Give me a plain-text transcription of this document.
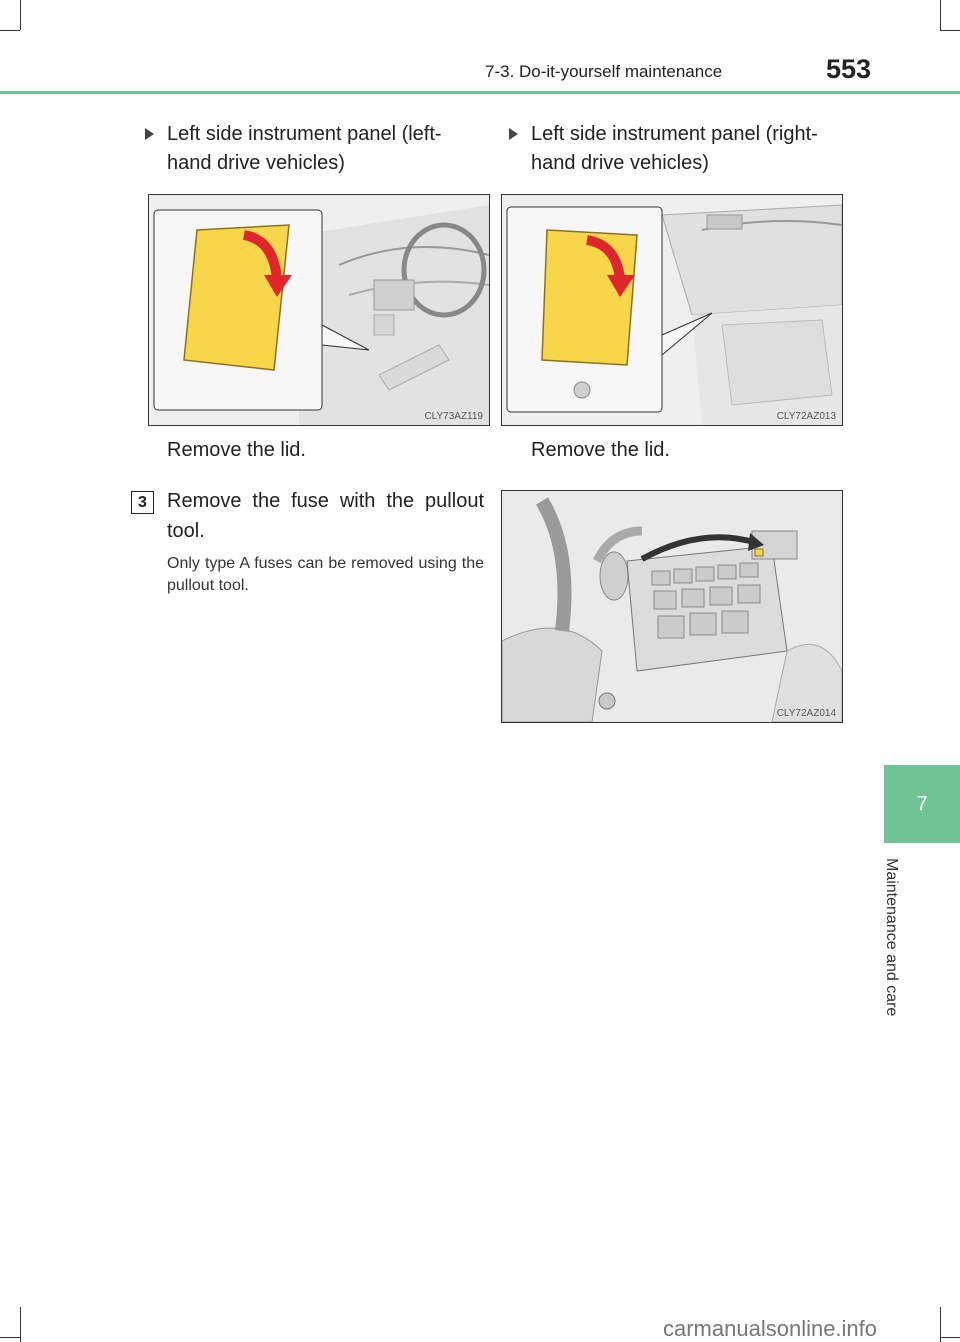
7-3. Do-it-yourself maintenance	553
7
Maintenance and care
Left side instrument panel (left-hand drive vehicles)
CLY73AZ119
Remove the lid.
Left side instrument panel (right-hand drive vehicles)
CLY72AZ013
Remove the lid.
3	Remove the fuse with the pullout tool.
Only type A fuses can be removed using the pullout tool.
CLY72AZ014
carmanualsonline.info
